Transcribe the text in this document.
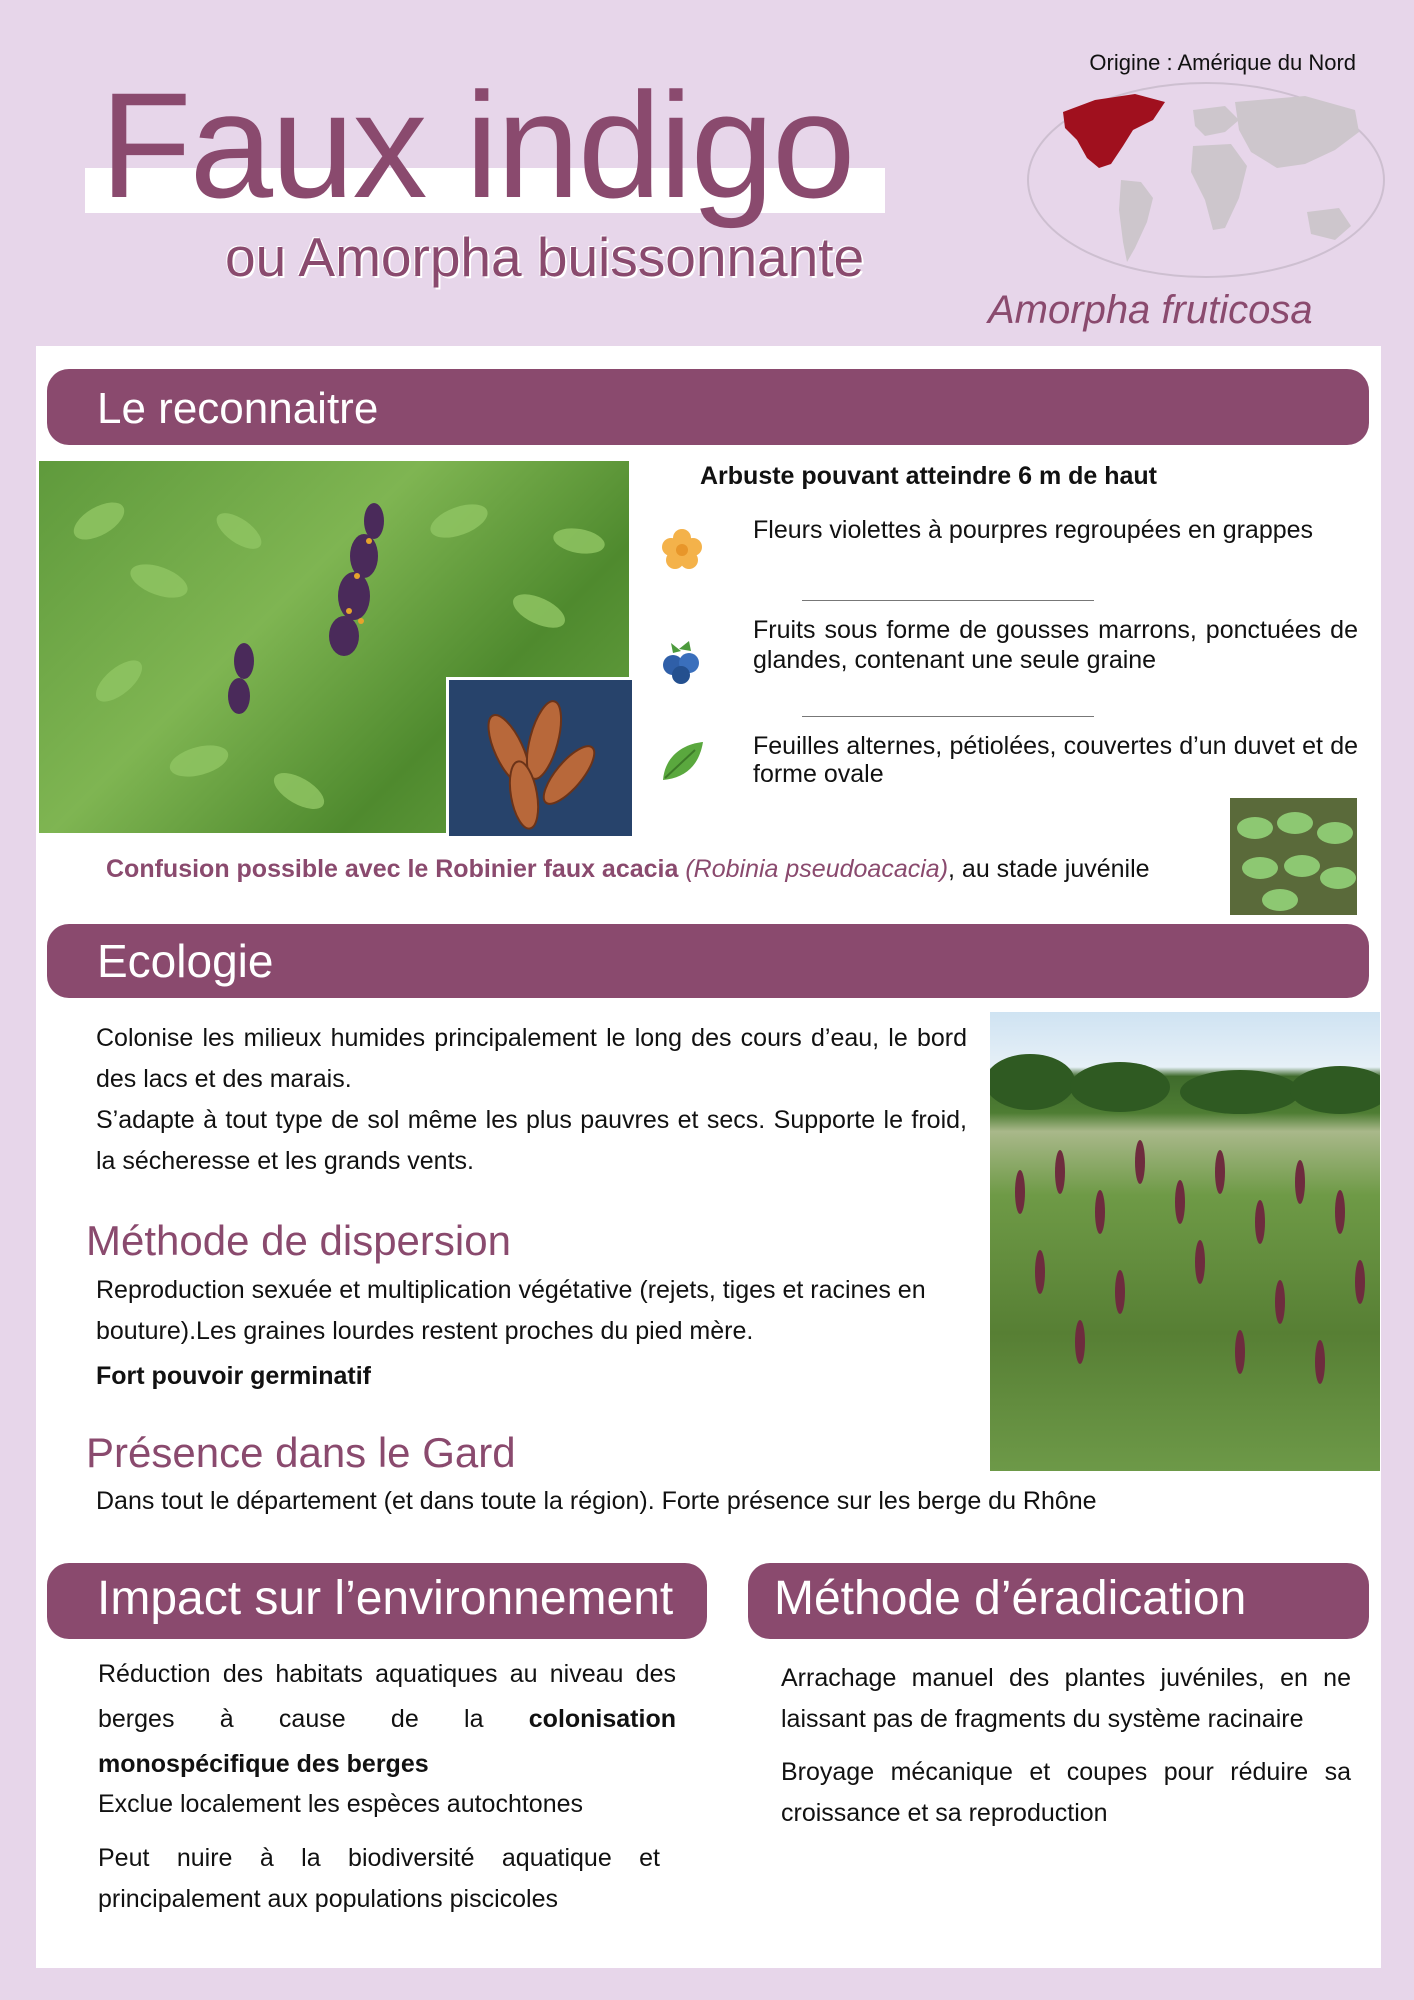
Faux indigo
ou Amorpha buissonnante
Origine : Amérique du Nord
Amorpha fruticosa
Le reconnaitre
Arbuste pouvant atteindre 6 m de haut
Fleurs violettes à pourpres regroupées en grappes
Fruits sous forme de gousses marrons, ponctuées de glandes, contenant une seule graine
Feuilles alternes, pétiolées, couvertes d’un duvet et de forme ovale
Confusion possible avec le Robinier faux acacia (Robinia pseudoacacia), au stade juvénile
Ecologie
Colonise les milieux humides principalement le long des cours d’eau, le bord des lacs et des marais.
S’adapte à tout type de sol même les plus pauvres et secs. Supporte le froid, la sécheresse et les grands vents.
Méthode de dispersion
Reproduction sexuée et multiplication végétative (rejets, tiges et racines en bouture).Les graines lourdes restent proches du pied mère.
Fort pouvoir germinatif
Présence dans le Gard
Dans tout le département (et dans toute la région). Forte présence sur les berge du Rhône
Impact sur l’environnement
Réduction des habitats aquatiques au niveau des berges à cause de la colonisation monospécifique des berges
Exclue localement les espèces autochtones
Peut nuire à la biodiversité aquatique et principalement aux populations piscicoles
Méthode d’éradication
Arrachage manuel des plantes juvéniles, en ne laissant pas de fragments du système racinaire
Broyage mécanique et coupes pour réduire sa croissance et sa reproduction
